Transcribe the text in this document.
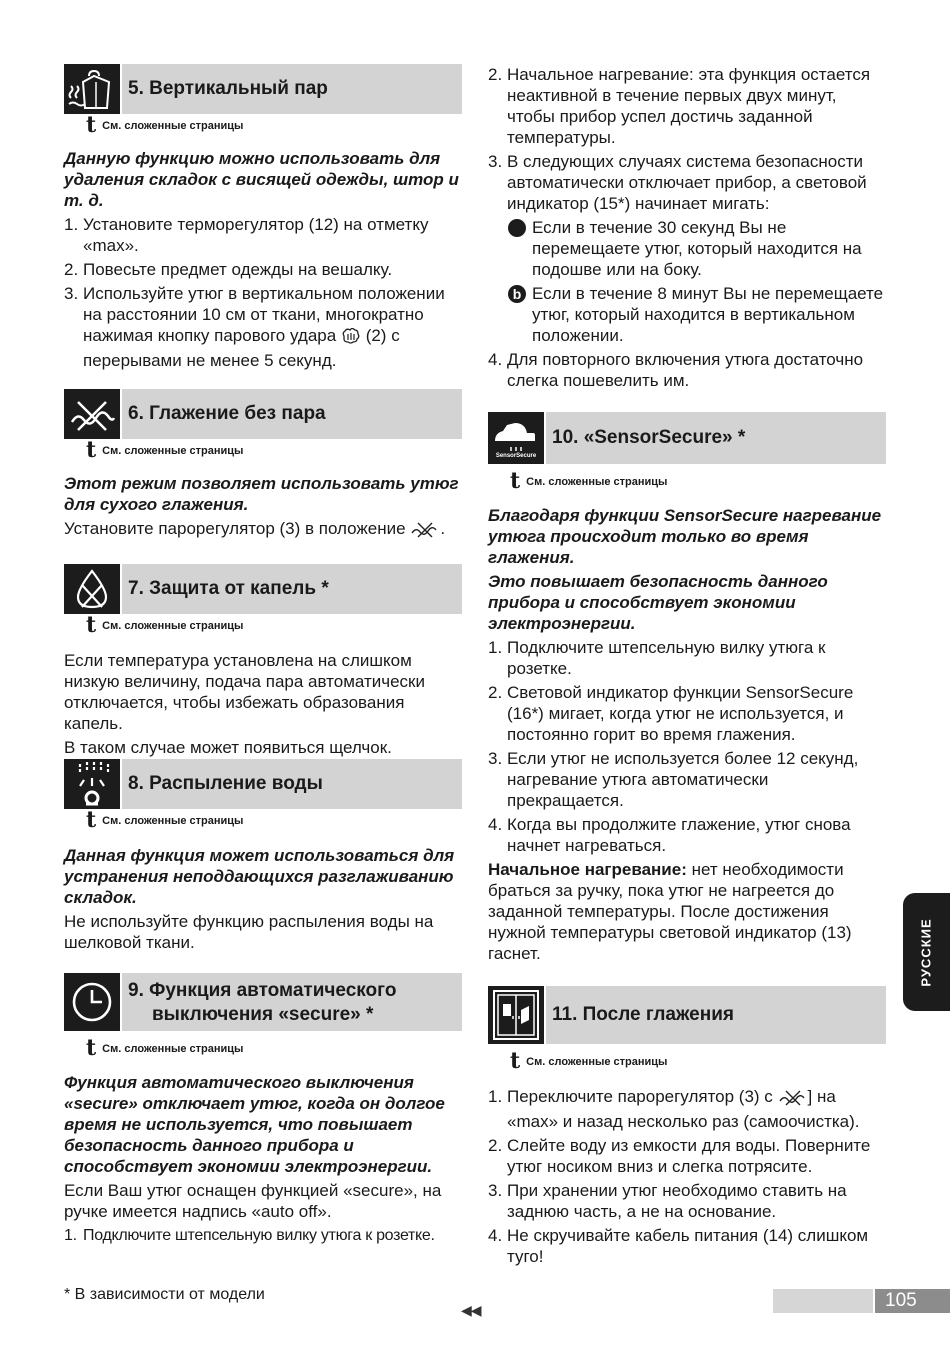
5. Вертикальный пар
t См. сложенные страницы

Данную функцию можно использовать для удаления складок с висящей одежды, штор и т. д.

1. Установите терморегулятор (12) на отметку «max».
2. Повесьте предмет одежды на вешалку.
3. Используйте утюг в вертикальном положении на расстоянии 10 см от ткани, многократно нажимая кнопку парового удара (2) с перерывами не менее 5 секунд.
6. Глажение без пара
t См. сложенные страницы

Этот режим позволяет использовать утюг для сухого глажения.

Установите парорегулятор (3) в положение .

7. Защита от капель *
t См. сложенные страницы

Если температура установлена на слишком низкую величину, подача пара автоматически отключается, чтобы избежать образования капель.

В таком случае может появиться щелчок.

8. Распыление воды
t См. сложенные страницы

Данная функция может использоваться для устранения неподдающихся разглаживанию складок.

Не используйте функцию распыления воды на шелковой ткани.

9. Функция автоматического
выключения «secure» *
t См. сложенные страницы

Функция автоматического выключения «secure» отключает утюг, когда он долгое время не используется, что повышает безопасность данного прибора и способствует экономии электроэнергии.

Если Ваш утюг оснащен функцией «secure», на ручке имеется надпись «auto off».

1. Подключите штепсельную вилку утюга к розетке.
2. Начальное нагревание: эта функция остается неактивной в течение первых двух минут, чтобы прибор успел достичь заданной температуры.
3. В следующих случаях система безопасности автоматически отключает прибор, а световой индикатор (15*) начинает мигать:
Если в течение 30 секунд Вы не перемещаете утюг, который находится на подошве или на боку.
b Если в течение 8 минут Вы не перемещаете утюг, который находится в вертикальном положении.
4. Для повторного включения утюга достаточно слегка пошевелить им.
SensorSecure
10. «SensorSecure» *
t См. сложенные страницы

Благодаря функции SensorSecure нагревание утюга происходит только во время глажения.

Это повышает безопасность данного прибора и способствует экономии электроэнергии.

1. Подключите штепсельную вилку утюга к розетке.
2. Световой индикатор функции SensorSecure (16*) мигает, когда утюг не используется, и постоянно горит во время глажения.
3. Если утюг не используется более 12 секунд, нагревание утюга автоматически прекращается.
4. Когда вы продолжите глажение, утюг снова начнет нагреваться.

Начальное нагревание: нет необходимости браться за ручку, пока утюг не нагреется до заданной температуры. После достижения нужной температуры световой индикатор (13) гаснет.

11. После глажения
t См. сложенные страницы
1. Переключите парорегулятор (3) с ] на «max» и назад несколько раз (самоочистка).
2. Слейте воду из емкости для воды. Поверните утюг носиком вниз и слегка потрясите.
3. При хранении утюг необходимо ставить на заднюю часть, а не на основание.
4. Не скручивайте кабель питания (14) слишком туго!
РУССКИЕ
* В зависимости от модели
◀◀	105
